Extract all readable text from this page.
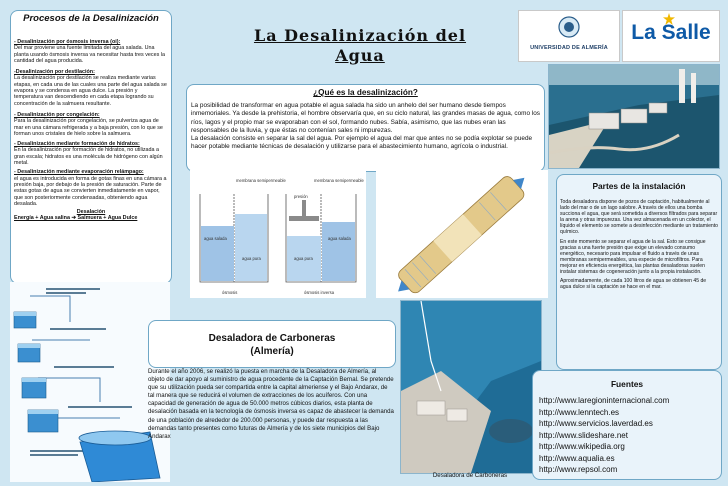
Procesos de la Desalinización
- Desalinización por ósmosis inversa (oi):
Del mar proviene una fuente limitada del agua salada. Una planta usando ósmosis inversa va necesitar hasta tres veces la cantidad del agua producida.
-Desalinización por destilación:
La desalinización por destilación se realiza mediante varias etapas, en cada una de las cuales una parte del agua salada se evapora y se condensa en agua dulce. La presión y temperatura van descendiendo en cada etapa logrando su concentración de la salmuera resultante.
- Desalinización por congelación:
Para la desalinización por congelación, se pulveriza agua de mar en una cámara refrigerada y a baja presión, con lo que se forman unos cristales de hielo sobre la salmuera.
- Desalinización mediante formación de hidratos:
En la desalinización por formación de hidratos, no utilizada a gran escala; hidratos es una molécula de hidrógeno con algún metal.
- Desalinización mediante evaporación relámpago:
el agua es introducida en forma de gotas finas en una cámara a presión baja, por debajo de la presión de saturación. Parte de estas gotas de agua se convierten inmediatamente en vapor, que son posteriormente condensadas, obteniendo agua desalada.
Desalación
Energía + Agua salina ➔ Salmuera + Agua Dulce
La Desalinización del
Agua	UNIVERSIDAD DE ALMERÍA
La Salle
¿Qué es la desalinización?
La posibilidad de transformar en agua potable el agua salada ha sido un anhelo del ser humano desde tiempos inmemoriales. Ya desde la prehistoria, el hombre observaría que, en su ciclo natural, las grandes masas de agua, como los ríos, lagos y el propio mar se evaporaban con el sol, formando nubes. Sabía, asimismo, que las nubes eran las responsables de la lluvia, y que éstas no contenían sales ni impurezas.
La desalación consiste en separar la sal del agua. Por ejemplo el agua del mar que antes no se podía explotar se puede hacer potable mediante técnicas de desalación y utilizarse para el abastecimiento humano, agrícola o industrial.
membrana semipermeable	membrana semipermeable
agua salada
agua pura
presión
agua pura
agua salada
ósmosis	ósmosis inversa
Partes de la instalación
Toda desaladora dispone de pozos de captación, habitualmente al lado del mar o de un lago salobre. A través de ellos una bomba succiona el agua, que será sometida a diversos filtrados para separar la arena y otras impurezas. Una vez almacenada en un colector, el líquido el elemento se somete a desinfección mediante un tratamiento químico.
En este momento se separar el agua de la sal. Esto se consigue gracias a una fuerte presión que exige un elevado consumo energético, necesario para impulsar el fluido a través de unas membranas semipermeables, una especie de microfiltros. Para mejorar en eficiencia energética, las plantas desaladoras suelen instalar sistemas de cogeneración junto a la propia instalación.
Aproximadamente, de cada 100 litros de agua se obtienen 45 de agua dulce si la captación se hace en el mar.
Desaladora de Carboneras
(Almería)
Durante el año 2006, se realizó la puesta en marcha de la Desaladora de Almería, al objeto de dar apoyo al suministro de agua procedente de la Captación Bernal. Se pretende que su utilización pueda ser compartida entre la capital almeriense y el Bajo Andarax, de tal manera que se reducirá el volumen de extracciones de los acuíferos. Con una capacidad de generación de agua de 50.000 metros cúbicos diarios, esta planta de desalación basada en la tecnología de ósmosis inversa es capaz de abastecer la demanda de una población de alrededor de 200.000 personas, y puede dar respuesta a las demandas tanto presentes como futuras de Almería y de los siete municipios del Bajo Andarax
Desaladora de Carboneras
Fuentes
http://www.laregioninternacional.com
http://www.lenntech.es
http://www.servicios.laverdad.es
http://www.slideshare.net
http://www.wikipedia.org
http://www.aqualia.es
http://www.repsol.com
